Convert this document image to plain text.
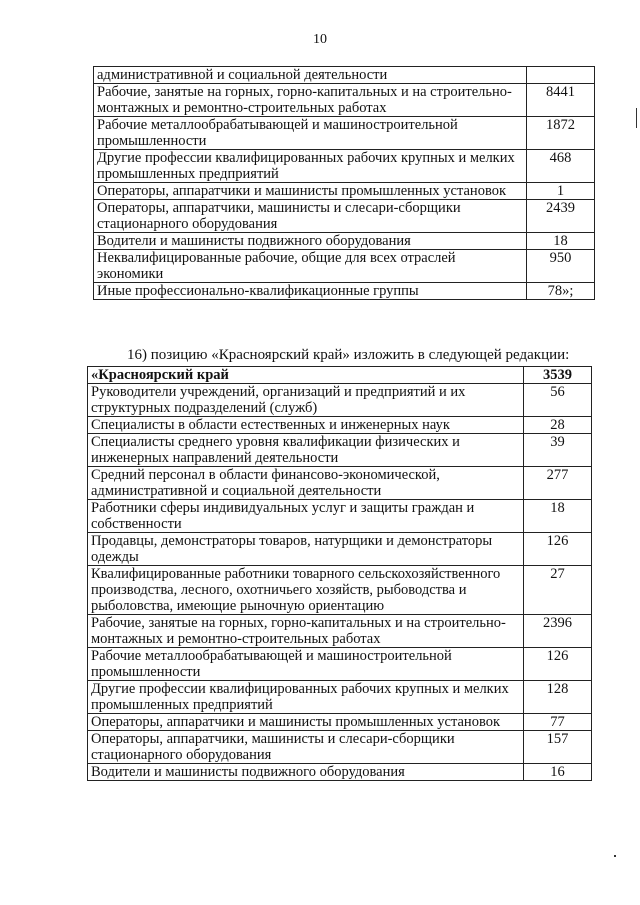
10
административной и социальной деятельности	
Рабочие, занятые на горных, горно-капитальных и на строительно-монтажных и ремонтно-строительных работах	8441
Рабочие металлообрабатывающей и машиностроительной промышленности	1872
Другие профессии квалифицированных рабочих крупных и мелких промышленных предприятий	468
Операторы, аппаратчики и машинисты промышленных установок	1
Операторы, аппаратчики, машинисты и слесари-сборщики стационарного оборудования	2439
Водители и машинисты подвижного оборудования	18
Неквалифицированные рабочие, общие для всех отраслей экономики	950
Иные профессионально-квалификационные группы	78»;
16) позицию «Красноярский край» изложить в следующей редакции:
«Красноярский край	3539
Руководители учреждений, организаций и предприятий и их структурных подразделений (служб)	56
Специалисты в области естественных и инженерных наук	28
Специалисты среднего уровня квалификации физических и инженерных направлений деятельности	39
Средний персонал в области финансово-экономической, административной и социальной деятельности	277
Работники сферы индивидуальных услуг и защиты граждан и собственности	18
Продавцы, демонстраторы товаров, натурщики и демонстраторы одежды	126
Квалифицированные работники товарного сельскохозяйственного производства, лесного, охотничьего хозяйств, рыбоводства и рыболовства, имеющие рыночную ориентацию	27
Рабочие, занятые на горных, горно-капитальных и на строительно-монтажных и ремонтно-строительных работах	2396
Рабочие металлообрабатывающей и машиностроительной промышленности	126
Другие профессии квалифицированных рабочих крупных и мелких промышленных предприятий	128
Операторы, аппаратчики и машинисты промышленных установок	77
Операторы, аппаратчики, машинисты и слесари-сборщики стационарного оборудования	157
Водители и машинисты подвижного оборудования	16
